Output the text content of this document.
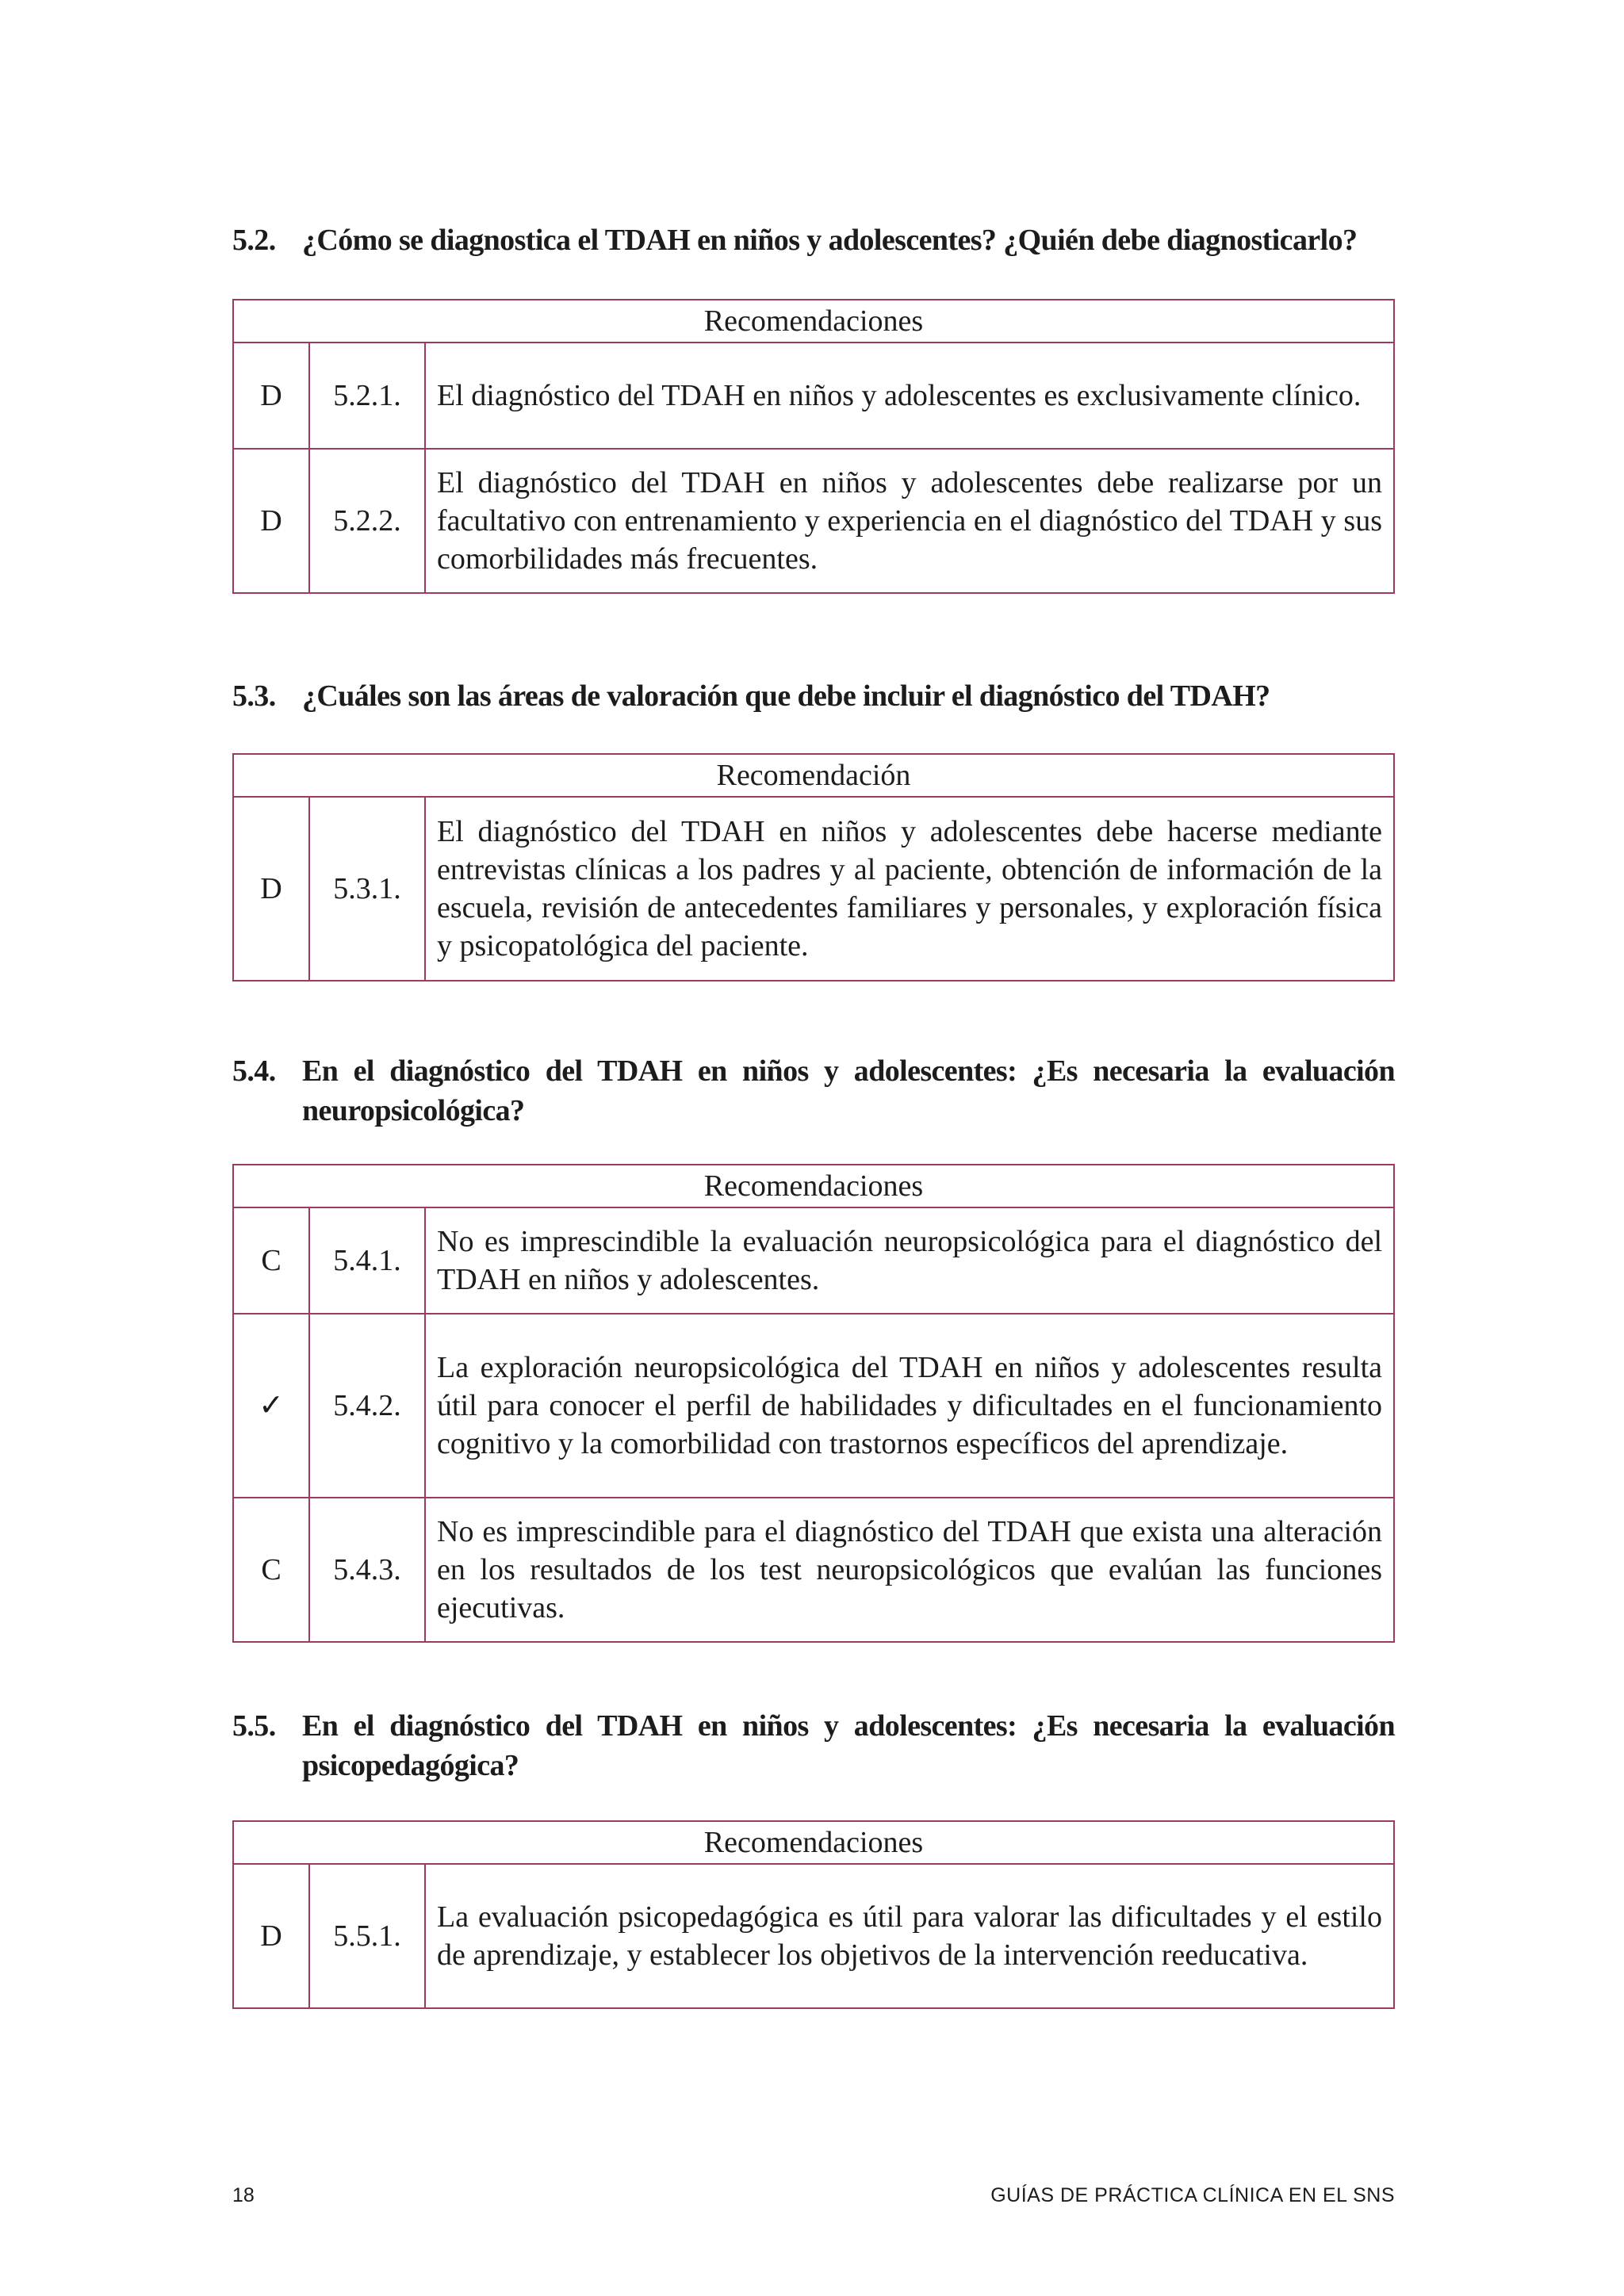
5.2. ¿Cómo se diagnostica el TDAH en niños y adolescentes? ¿Quién debe diagnosticarlo?
Recomendaciones		
D	5.2.1.	El diagnóstico del TDAH en niños y adolescentes es exclusivamente clínico.
D	5.2.2.	El diagnóstico del TDAH en niños y adolescentes debe realizarse por un facultativo con entrenamiento y experiencia en el diagnóstico del TDAH y sus comorbilidades más frecuentes.
5.3. ¿Cuáles son las áreas de valoración que debe incluir el diagnóstico del TDAH?
Recomendación
D	5.3.1.	El diagnóstico del TDAH en niños y adolescentes debe hacerse mediante entrevistas clínicas a los padres y al paciente, obtención de información de la escuela, revisión de antecedentes familiares y personales, y exploración física y psicopatológica del paciente.
5.4. En el diagnóstico del TDAH en niños y adolescentes: ¿Es necesaria la evaluación neuropsicológica?
Recomendaciones		
C	5.4.1.	No es imprescindible la evaluación neuropsicológica para el diagnóstico del TDAH en niños y adolescentes.
✓	5.4.2.	La exploración neuropsicológica del TDAH en niños y adolescentes resulta útil para conocer el perfil de habilidades y dificultades en el funcionamiento cognitivo y la comorbilidad con trastornos específicos del aprendizaje.
C	5.4.3.	No es imprescindible para el diagnóstico del TDAH que exista una alteración en los resultados de los test neuropsicológicos que evalúan las funciones ejecutivas.
5.5. En el diagnóstico del TDAH en niños y adolescentes: ¿Es necesaria la evaluación psicopedagógica?
Recomendaciones
D	5.5.1.	La evaluación psicopedagógica es útil para valorar las dificultades y el estilo de aprendizaje, y establecer los objetivos de la intervención reeducativa.
18	GUÍAS DE PRÁCTICA CLÍNICA EN EL SNS
